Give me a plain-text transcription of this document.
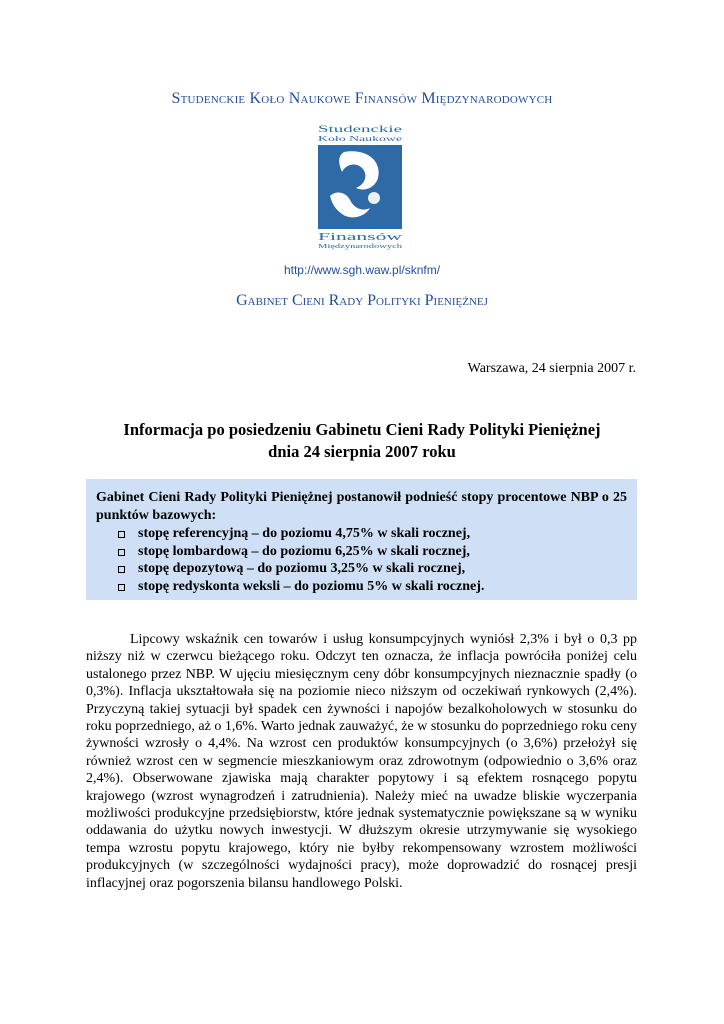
Studenckie Koło Naukowe Finansów Międzynarodowych
Studenckie
Koło Naukowe
Finansów
Międzynarodowych
http://www.sgh.waw.pl/sknfm/
Gabinet Cieni Rady Polityki Pieniężnej
Warszawa, 24 sierpnia 2007 r.
Informacja po posiedzeniu Gabinetu Cieni Rady Polityki Pieniężnej
dnia 24 sierpnia 2007 roku
Gabinet Cieni Rady Polityki Pieniężnej postanowił podnieść stopy procentowe NBP o 25 punktów bazowych:
stopę referencyjną – do poziomu 4,75% w skali rocznej,
stopę lombardową – do poziomu 6,25% w skali rocznej,
stopę depozytową – do poziomu 3,25% w skali rocznej,
stopę redyskonta weksli – do poziomu 5% w skali rocznej.

Lipcowy wskaźnik cen towarów i usług konsumpcyjnych wyniósł 2,3% i był o 0,3 pp niższy niż w czerwcu bieżącego roku. Odczyt ten oznacza, że inflacja powróciła poniżej celu ustalonego przez NBP. W ujęciu miesięcznym ceny dóbr konsumpcyjnych nieznacznie spadły (o 0,3%). Inflacja ukształtowała się na poziomie nieco niższym od oczekiwań rynkowych (2,4%). Przyczyną takiej sytuacji był spadek cen żywności i napojów bezalkoholowych w stosunku do roku poprzedniego, aż o 1,6%. Warto jednak zauważyć, że w stosunku do poprzedniego roku ceny żywności wzrosły o 4,4%. Na wzrost cen produktów konsumpcyjnych (o 3,6%) przełożył się również wzrost cen w segmencie mieszkaniowym oraz zdrowotnym (odpowiednio o 3,6% oraz 2,4%). Obserwowane zjawiska mają charakter popytowy i są efektem rosnącego popytu krajowego (wzrost wynagrodzeń i zatrudnienia). Należy mieć na uwadze bliskie wyczerpania możliwości produkcyjne przedsiębiorstw, które jednak systematycznie powiększane są w wyniku oddawania do użytku nowych inwestycji. W dłuższym okresie utrzymywanie się wysokiego tempa wzrostu popytu krajowego, który nie byłby rekompensowany wzrostem możliwości produkcyjnych (w szczególności wydajności pracy), może doprowadzić do rosnącej presji inflacyjnej oraz pogorszenia bilansu handlowego Polski.
